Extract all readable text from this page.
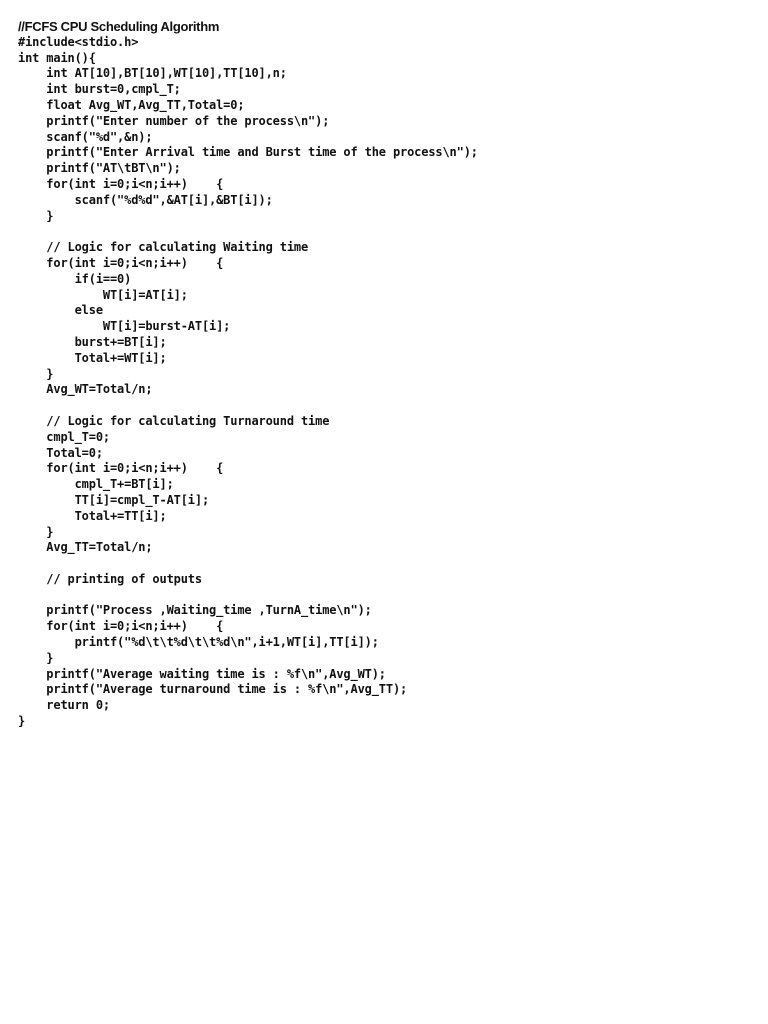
//FCFS CPU Scheduling Algorithm
#include<stdio.h>
int main(){
int AT[10],BT[10],WT[10],TT[10],n;
int burst=0,cmpl_T;
float Avg_WT,Avg_TT,Total=0;
printf("Enter number of the process\n");
scanf("%d",&n);
printf("Enter Arrival time and Burst time of the process\n");
printf("AT\tBT\n");
for(int i=0;i<n;i++)    {
scanf("%d%d",&AT[i],&BT[i]);
}
// Logic for calculating Waiting time
for(int i=0;i<n;i++)    {
if(i==0)
WT[i]=AT[i];
else
WT[i]=burst-AT[i];
burst+=BT[i];
Total+=WT[i];
}
Avg_WT=Total/n;
// Logic for calculating Turnaround time
cmpl_T=0;
Total=0;
for(int i=0;i<n;i++)    {
cmpl_T+=BT[i];
TT[i]=cmpl_T-AT[i];
Total+=TT[i];
}
Avg_TT=Total/n;
// printing of outputs
printf("Process ,Waiting_time ,TurnA_time\n");
for(int i=0;i<n;i++)    {
printf("%d\t\t%d\t\t%d\n",i+1,WT[i],TT[i]);
}
printf("Average waiting time is : %f\n",Avg_WT);
printf("Average turnaround time is : %f\n",Avg_TT);
return 0;
}
